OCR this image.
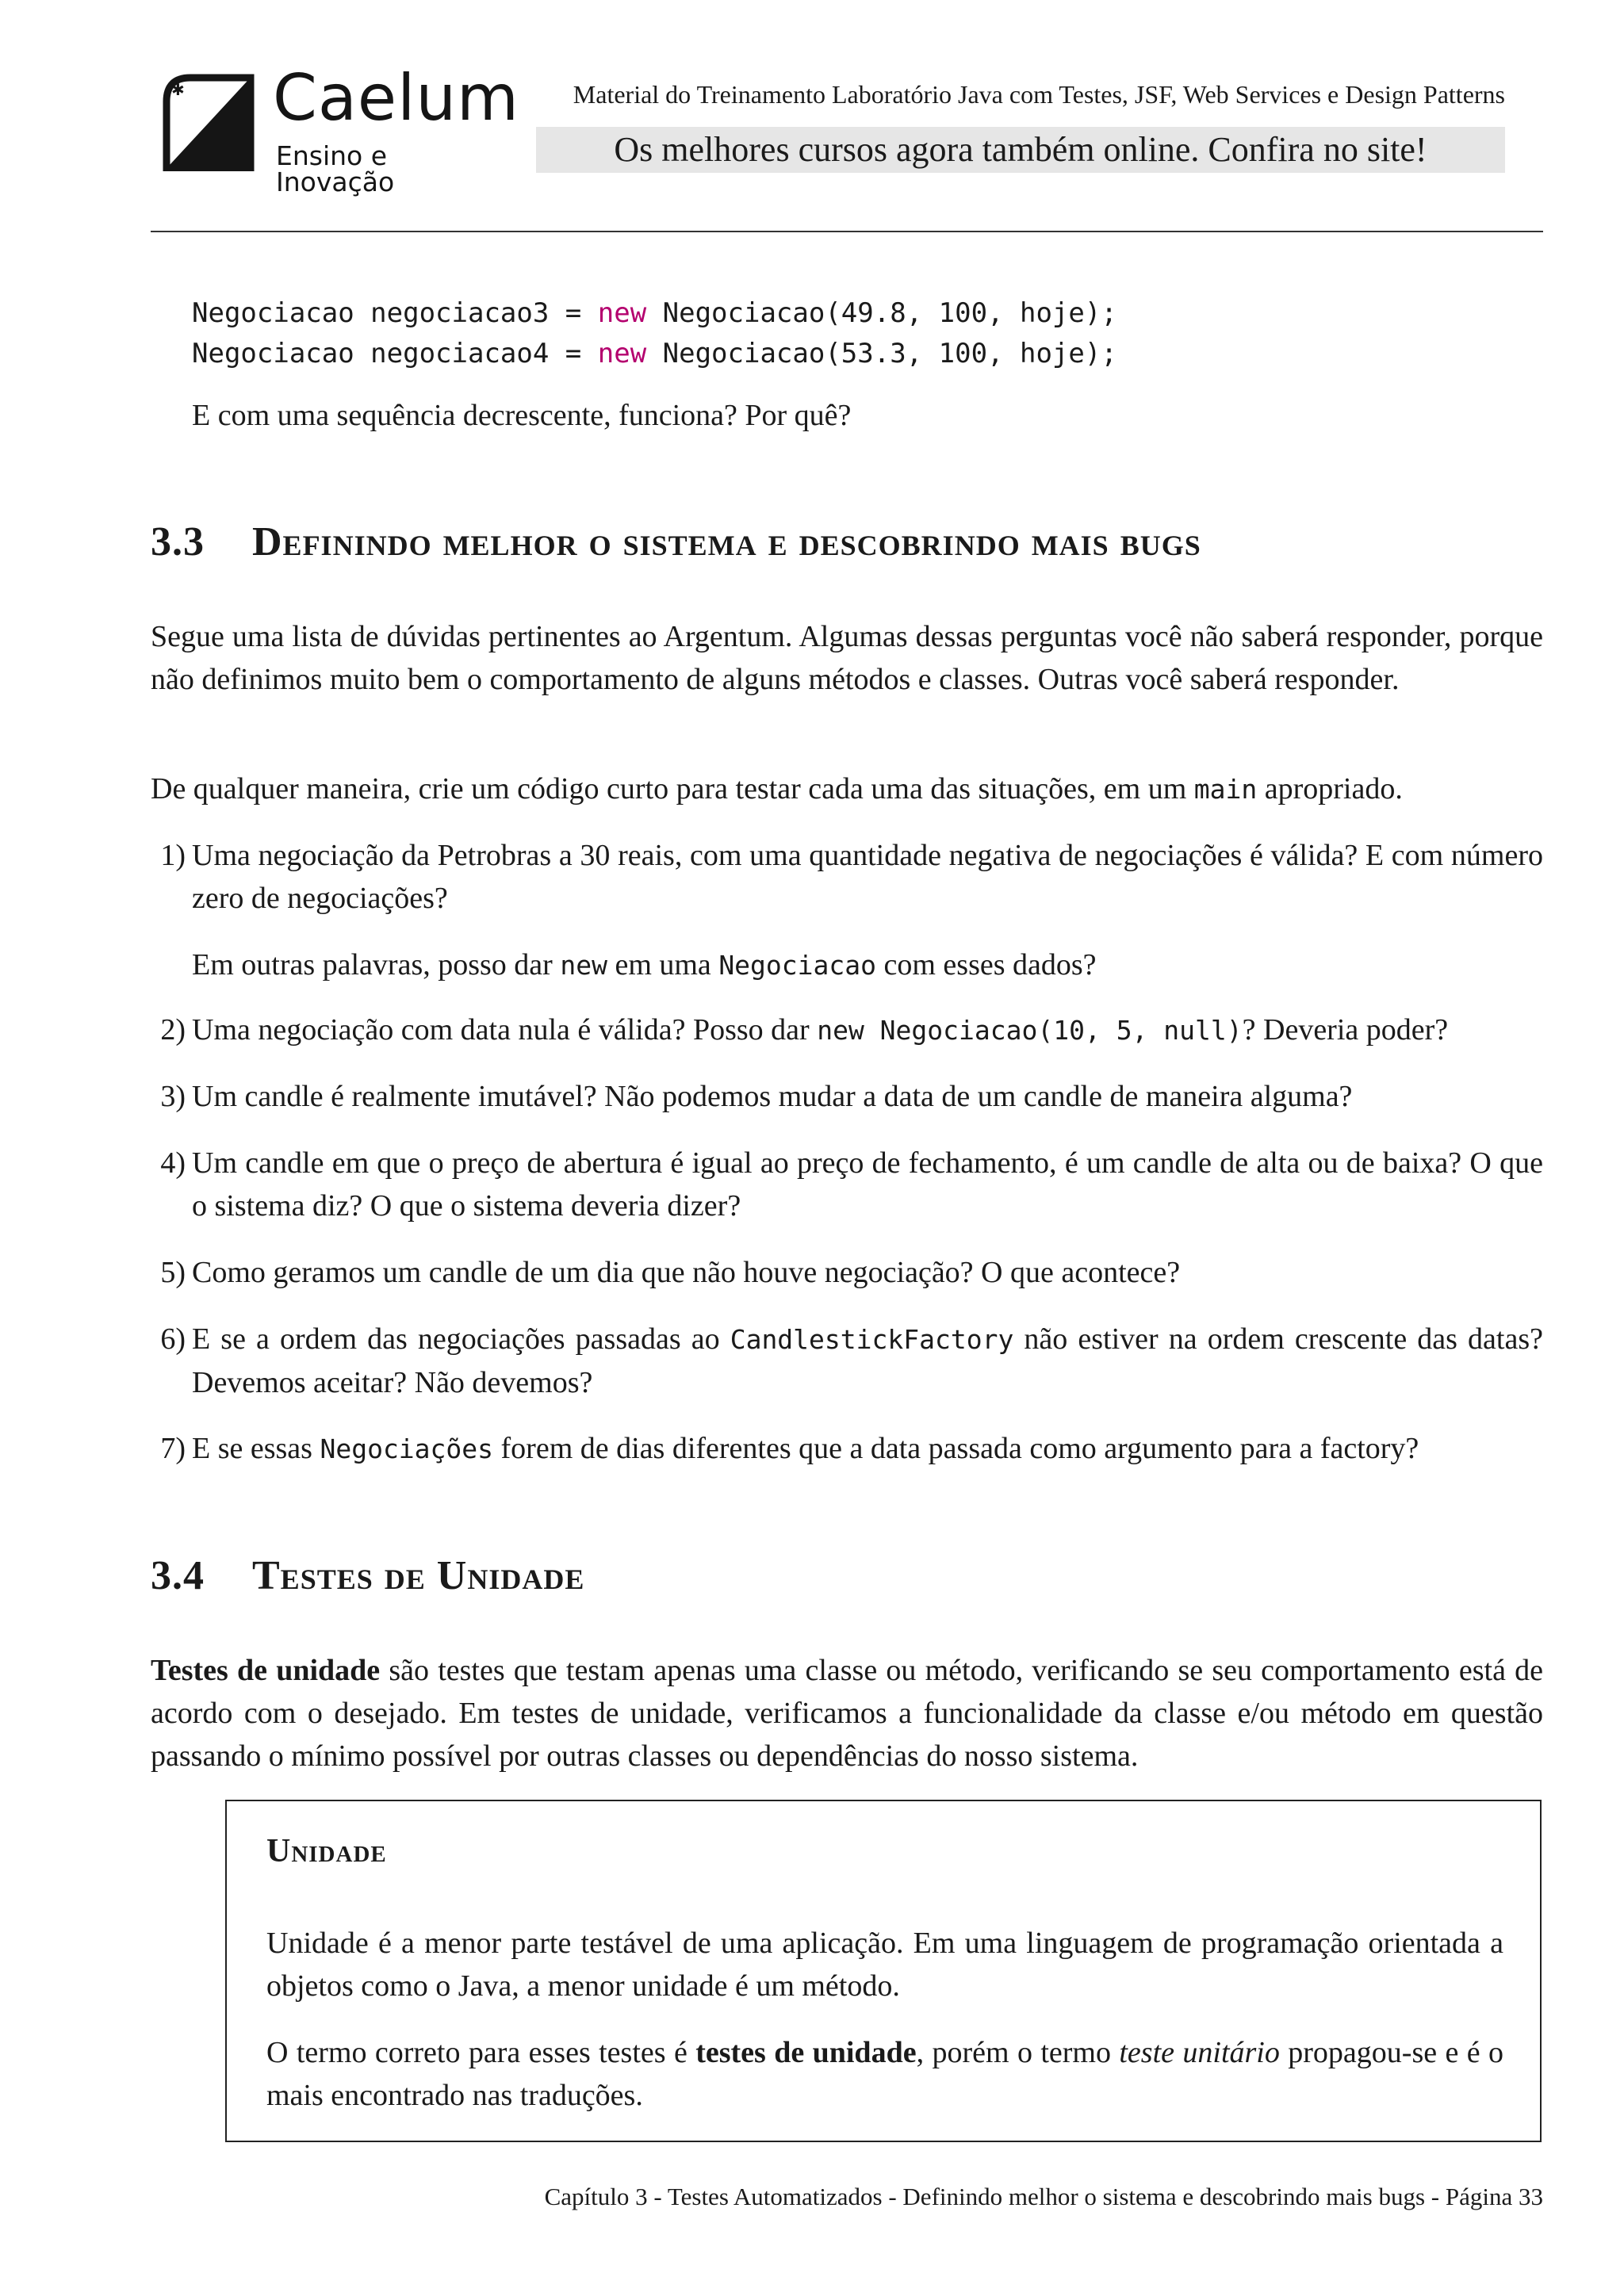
✱ Caelum
Ensino e Inovação
Material do Treinamento Laboratório Java com Testes, JSF, Web Services e Design Patterns
Os melhores cursos agora também online. Confira no site!
Negociacao negociacao3 = new Negociacao(49.8, 100, hoje);
Negociacao negociacao4 = new Negociacao(53.3, 100, hoje);
E com uma sequência decrescente, funciona? Por quê?
3.3 Definindo melhor o sistema e descobrindo mais bugs
Segue uma lista de dúvidas pertinentes ao Argentum. Algumas dessas perguntas você não saberá responder, porque não definimos muito bem o comportamento de alguns métodos e classes. Outras você saberá responder.
De qualquer maneira, crie um código curto para testar cada uma das situações, em um main apropriado.
1) Uma negociação da Petrobras a 30 reais, com uma quantidade negativa de negociações é válida? E com número zero de negociações?
Em outras palavras, posso dar new em uma Negociacao com esses dados?
2) Uma negociação com data nula é válida? Posso dar new Negociacao(10, 5, null)? Deveria poder?
3) Um candle é realmente imutável? Não podemos mudar a data de um candle de maneira alguma?
4) Um candle em que o preço de abertura é igual ao preço de fechamento, é um candle de alta ou de baixa? O que o sistema diz? O que o sistema deveria dizer?
5) Como geramos um candle de um dia que não houve negociação? O que acontece?
6) E se a ordem das negociações passadas ao CandlestickFactory não estiver na ordem crescente das datas? Devemos aceitar? Não devemos?
7) E se essas Negociações forem de dias diferentes que a data passada como argumento para a factory?
3.4 Testes de Unidade
Testes de unidade são testes que testam apenas uma classe ou método, verificando se seu comportamento está de acordo com o desejado. Em testes de unidade, verificamos a funcionalidade da classe e/ou método em questão passando o mínimo possível por outras classes ou dependências do nosso sistema.
Unidade
Unidade é a menor parte testável de uma aplicação. Em uma linguagem de programação orientada a objetos como o Java, a menor unidade é um método.
O termo correto para esses testes é testes de unidade, porém o termo teste unitário propagou-se e é o mais encontrado nas traduções.
Capítulo 3 - Testes Automatizados - Definindo melhor o sistema e descobrindo mais bugs - Página 33
